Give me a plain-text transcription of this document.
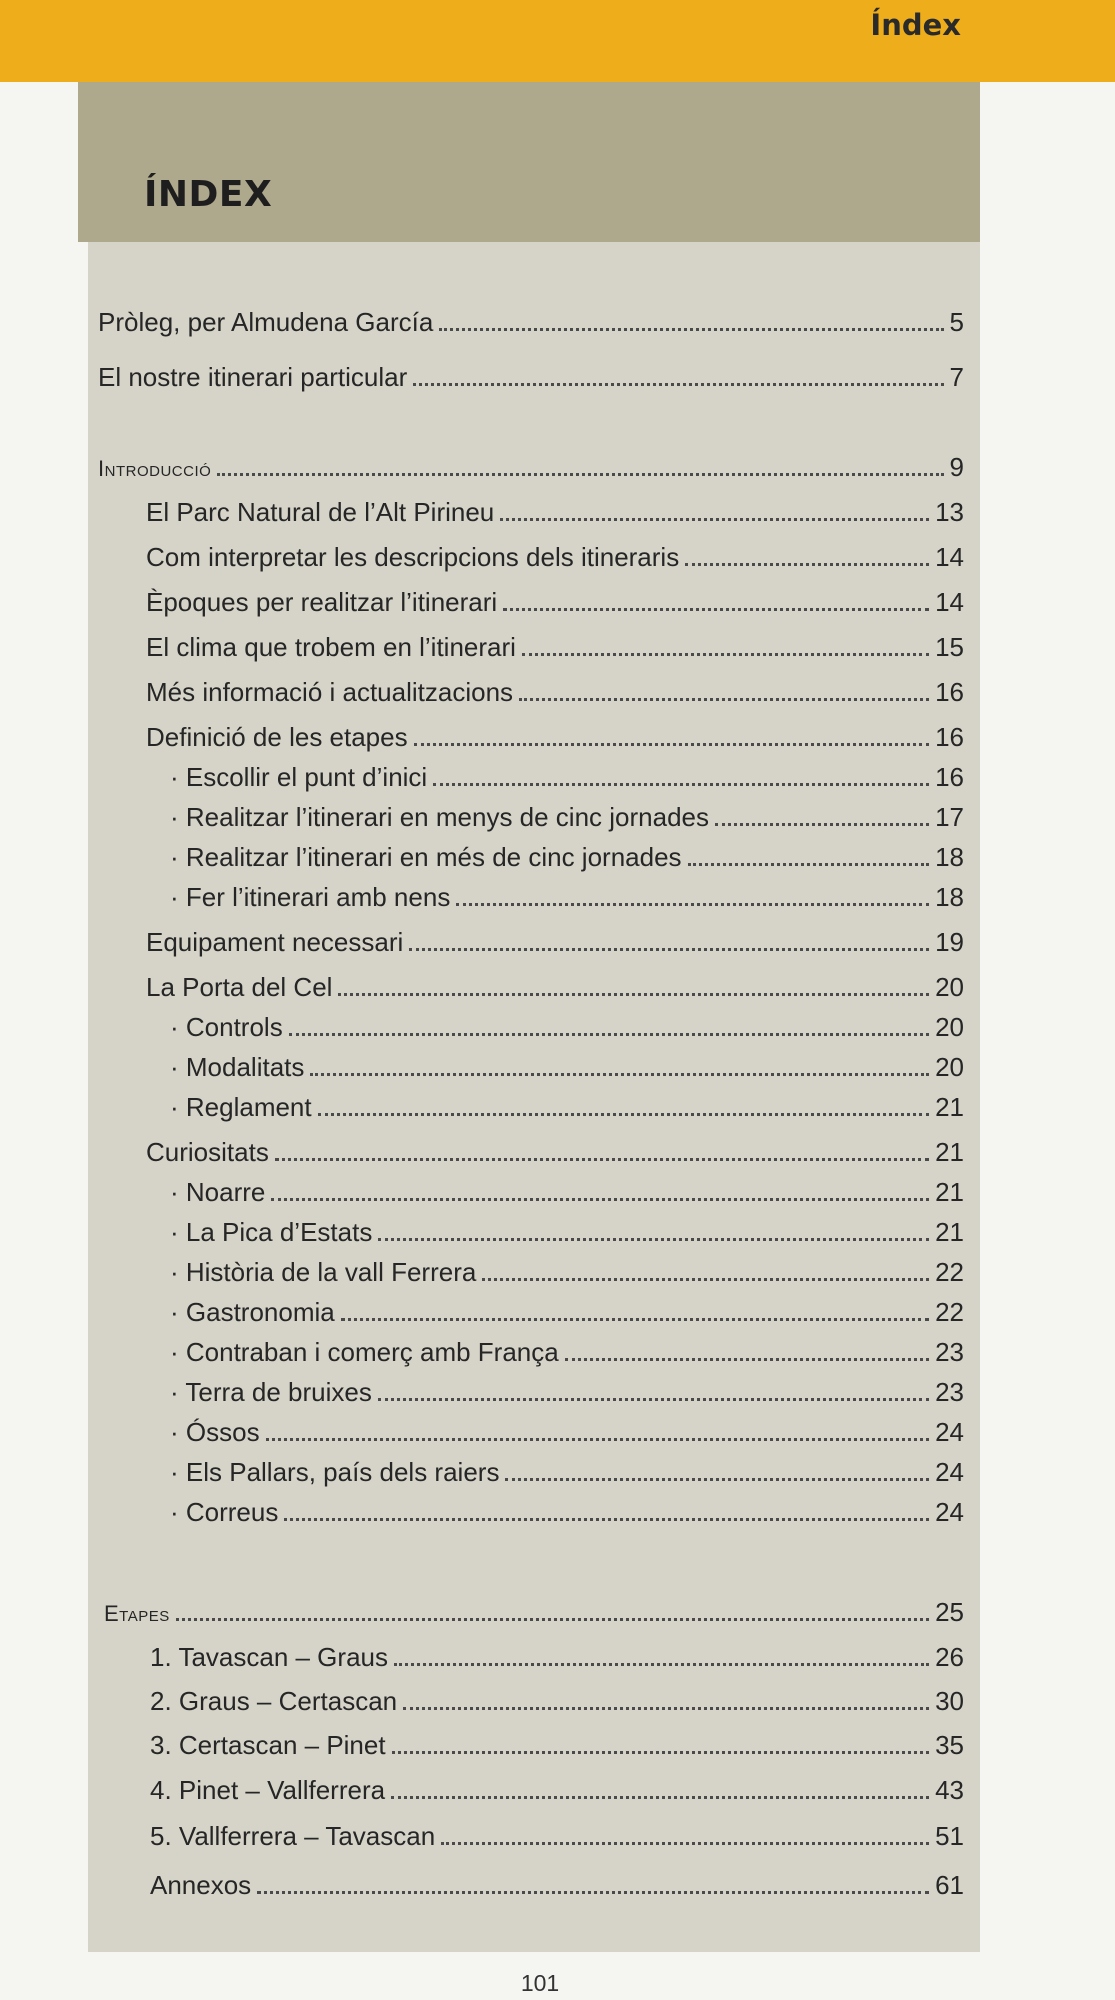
Índex
ÍNDEX
Pròleg, per Almudena García	5
El nostre itinerari particular	7
Introducció	9
El Parc Natural de l’Alt Pirineu	13
Com interpretar les descripcions dels itineraris	14
Èpoques per realitzar l’itinerari	14
El clima que trobem en l’itinerari	15
Més informació i actualitzacions	16
Definició de les etapes	16
· Escollir el punt d’inici	16
· Realitzar l’itinerari en menys de cinc jornades	17
· Realitzar l’itinerari en més de cinc jornades	18
· Fer l’itinerari amb nens	18
Equipament necessari	19
La Porta del Cel	20
· Controls	20
· Modalitats	20
· Reglament	21
Curiositats	21
· Noarre	21
· La Pica d’Estats	21
· Història de la vall Ferrera	22
· Gastronomia	22
· Contraban i comerç amb França	23
· Terra de bruixes	23
· Óssos	24
· Els Pallars, país dels raiers	24
· Correus	24
Etapes	25
1. Tavascan – Graus	26
2. Graus – Certascan	30
3. Certascan – Pinet	35
4. Pinet – Vallferrera	43
5. Vallferrera – Tavascan	51
Annexos	61
101
